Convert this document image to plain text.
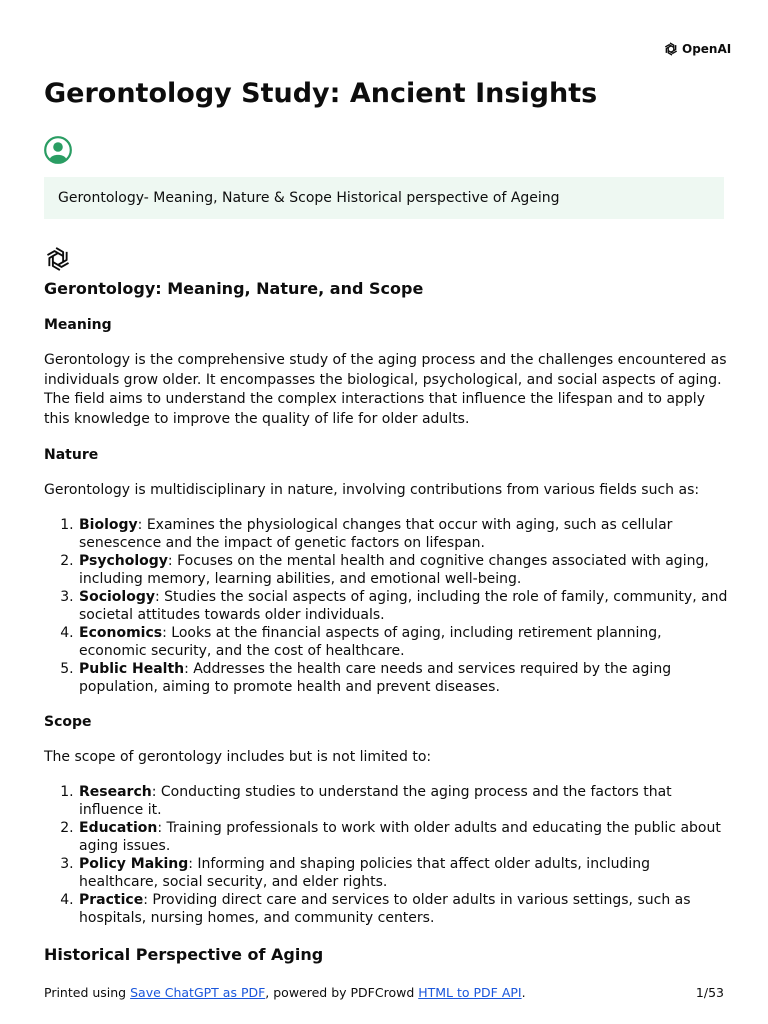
OpenAI
Gerontology Study: Ancient Insights
Gerontology- Meaning, Nature & Scope Historical perspective of Ageing
Gerontology: Meaning, Nature, and Scope
Meaning

Gerontology is the comprehensive study of the aging process and the challenges encountered as individuals grow older. It encompasses the biological, psychological, and social aspects of aging. The field aims to understand the complex interactions that influence the lifespan and to apply this knowledge to improve the quality of life for older adults.

Nature

Gerontology is multidisciplinary in nature, involving contributions from various fields such as:

1. Biology: Examines the physiological changes that occur with aging, such as cellular senescence and the impact of genetic factors on lifespan.
2. Psychology: Focuses on the mental health and cognitive changes associated with aging, including memory, learning abilities, and emotional well-being.
3. Sociology: Studies the social aspects of aging, including the role of family, community, and societal attitudes towards older individuals.
4. Economics: Looks at the financial aspects of aging, including retirement planning, economic security, and the cost of healthcare.
5. Public Health: Addresses the health care needs and services required by the aging population, aiming to promote health and prevent diseases.
Scope

The scope of gerontology includes but is not limited to:

1. Research: Conducting studies to understand the aging process and the factors that influence it.
2. Education: Training professionals to work with older adults and educating the public about aging issues.
3. Policy Making: Informing and shaping policies that affect older adults, including healthcare, social security, and elder rights.
4. Practice: Providing direct care and services to older adults in various settings, such as hospitals, nursing homes, and community centers.
Historical Perspective of Aging
Printed using Save ChatGPT as PDF, powered by PDFCrowd HTML to PDF API.	1/53
